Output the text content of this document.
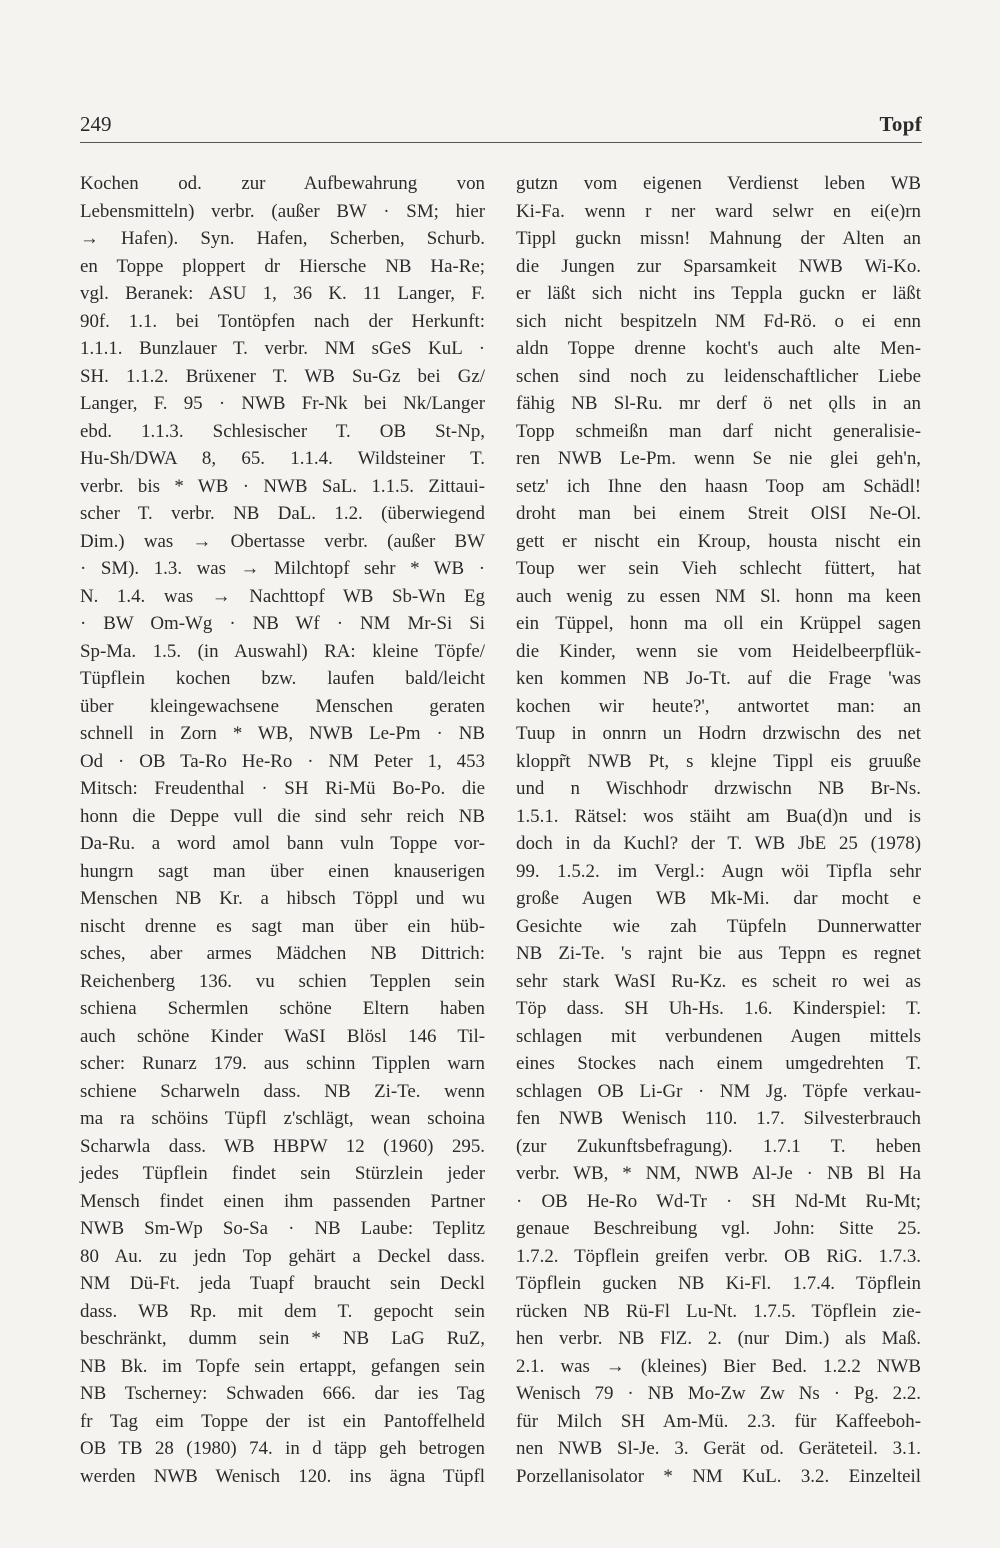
249	Topf
Kochen od. zur Aufbewahrung von
Lebensmitteln) verbr. (außer BW · SM; hier
→ Hafen). Syn. Hafen, Scherben, Schurb.
en Toppe ploppert dr Hiersche NB Ha-Re;
vgl. Beranek: ASU 1, 36 K. 11 Langer, F.
90f. 1.1. bei Tontöpfen nach der Herkunft:
1.1.1. Bunzlauer T. verbr. NM sGeS KuL ·
SH. 1.1.2. Brüxener T. WB Su-Gz bei Gz/
Langer, F. 95 · NWB Fr-Nk bei Nk/Langer
ebd. 1.1.3. Schlesischer T. OB St-Np,
Hu-Sh/DWA 8, 65. 1.1.4. Wildsteiner T.
verbr. bis * WB · NWB SaL. 1.1.5. Zittaui-
scher T. verbr. NB DaL. 1.2. (überwiegend
Dim.) was → Obertasse verbr. (außer BW
· SM). 1.3. was → Milchtopf sehr * WB ·
N. 1.4. was → Nachttopf WB Sb-Wn Eg
· BW Om-Wg · NB Wf · NM Mr-Si Si
Sp-Ma. 1.5. (in Auswahl) RA: kleine Töpfe/
Tüpflein kochen bzw. laufen bald/leicht
über kleingewachsene Menschen geraten
schnell in Zorn * WB, NWB Le-Pm · NB
Od · OB Ta-Ro He-Ro · NM Peter 1, 453
Mitsch: Freudenthal · SH Ri-Mü Bo-Po. die
honn die Deppe vull die sind sehr reich NB
Da-Ru. a word amol bann vuln Toppe vor-
hungrn sagt man über einen knauserigen
Menschen NB Kr. a hibsch Töppl und wu
nischt drenne es sagt man über ein hüb-
sches, aber armes Mädchen NB Dittrich:
Reichenberg 136. vu schien Tepplen sein
schiena Schermlen schöne Eltern haben
auch schöne Kinder WaSI Blösl 146 Til-
scher: Runarz 179. aus schinn Tipplen warn
schiene Scharweln dass. NB Zi-Te. wenn
ma ra schöins Tüpfl z'schlägt, wean schoina
Scharwla dass. WB HBPW 12 (1960) 295.
jedes Tüpflein findet sein Stürzlein jeder
Mensch findet einen ihm passenden Partner
NWB Sm-Wp So-Sa · NB Laube: Teplitz
80 Au. zu jedn Top gehärt a Deckel dass.
NM Dü-Ft. jeda Tuapf braucht sein Deckl
dass. WB Rp. mit dem T. gepocht sein
beschränkt, dumm sein * NB LaG RuZ,
NB Bk. im Topfe sein ertappt, gefangen sein
NB Tscherney: Schwaden 666. dar ies Tag
fr Tag eim Toppe der ist ein Pantoffelheld
OB TB 28 (1980) 74. in d täpp geh betrogen
werden NWB Wenisch 120. ins ägna Tüpfl
gutzn vom eigenen Verdienst leben WB
Ki-Fa. wenn r ner ward selwr en ei(e)rn
Tippl guckn missn! Mahnung der Alten an
die Jungen zur Sparsamkeit NWB Wi-Ko.
er läßt sich nicht ins Teppla guckn er läßt
sich nicht bespitzeln NM Fd-Rö. o ei enn
aldn Toppe drenne kocht's auch alte Men-
schen sind noch zu leidenschaftlicher Liebe
fähig NB Sl-Ru. mr derf ö net ǫlls in an
Topp schmeißn man darf nicht generalisie-
ren NWB Le-Pm. wenn Se nie glei geh'n,
setz' ich Ihne den haasn Toop am Schädl!
droht man bei einem Streit OlSI Ne-Ol.
gett er nischt ein Kroup, housta nischt ein
Toup wer sein Vieh schlecht füttert, hat
auch wenig zu essen NM Sl. honn ma keen
ein Tüppel, honn ma oll ein Krüppel sagen
die Kinder, wenn sie vom Heidelbeerpflük-
ken kommen NB Jo-Tt. auf die Frage 'was
kochen wir heute?', antwortet man: an
Tuup in onnrn un Hodrn drzwischn des net
kloppr̃t NWB Pt, s klejne Tippl eis gruuße
und n Wischhodr drzwischn NB Br-Ns.
1.5.1. Rätsel: wos stäiht am Bua(d)n und is
doch in da Kuchl? der T. WB JbE 25 (1978)
99. 1.5.2. im Vergl.: Augn wöi Tipfla sehr
große Augen WB Mk-Mi. dar mocht e
Gesichte wie zah Tüpfeln Dunnerwatter
NB Zi-Te. 's rajnt bie aus Teppn es regnet
sehr stark WaSI Ru-Kz. es scheit ro wei as
Töp dass. SH Uh-Hs. 1.6. Kinderspiel: T.
schlagen mit verbundenen Augen mittels
eines Stockes nach einem umgedrehten T.
schlagen OB Li-Gr · NM Jg. Töpfe verkau-
fen NWB Wenisch 110. 1.7. Silvesterbrauch
(zur Zukunftsbefragung). 1.7.1 T. heben
verbr. WB, * NM, NWB Al-Je · NB Bl Ha
· OB He-Ro Wd-Tr · SH Nd-Mt Ru-Mt;
genaue Beschreibung vgl. John: Sitte 25.
1.7.2. Töpflein greifen verbr. OB RiG. 1.7.3.
Töpflein gucken NB Ki-Fl. 1.7.4. Töpflein
rücken NB Rü-Fl Lu-Nt. 1.7.5. Töpflein zie-
hen verbr. NB FlZ. 2. (nur Dim.) als Maß.
2.1. was → (kleines) Bier Bed. 1.2.2 NWB
Wenisch 79 · NB Mo-Zw Zw Ns · Pg. 2.2.
für Milch SH Am-Mü. 2.3. für Kaffeeboh-
nen NWB Sl-Je. 3. Gerät od. Geräteteil. 3.1.
Porzellanisolator * NM KuL. 3.2. Einzelteil
